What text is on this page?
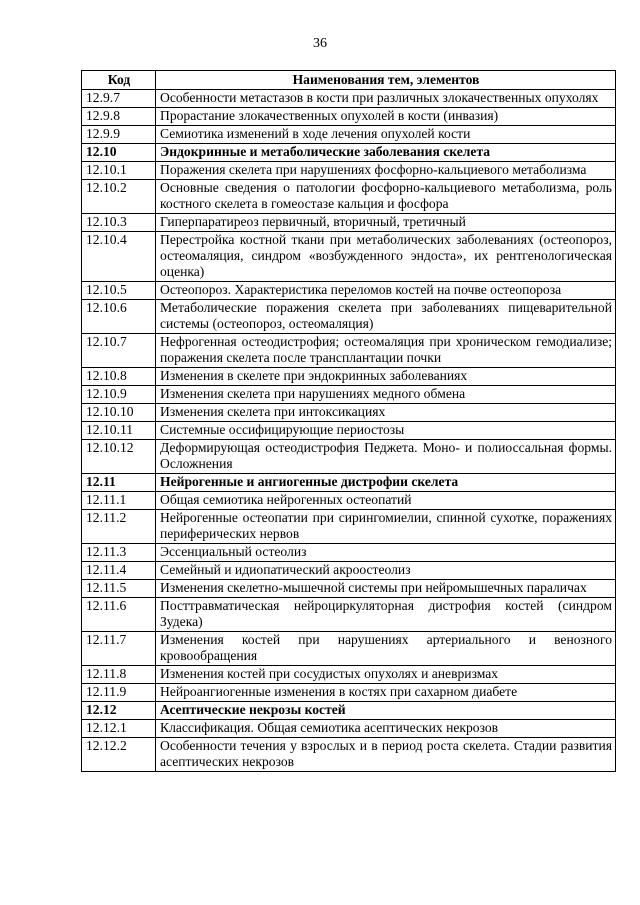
36
Код	Наименования тем, элементов
12.9.7	Особенности метастазов в кости при различных злокачественных опухолях
12.9.8	Прорастание злокачественных опухолей в кости (инвазия)
12.9.9	Семиотика изменений в ходе лечения опухолей кости
12.10	Эндокринные и метаболические заболевания скелета
12.10.1	Поражения скелета при нарушениях фосфорно-кальциевого метаболизма
12.10.2	Основные сведения о патологии фосфорно-кальциевого метаболизма, роль костного скелета в гомеостазе кальция и фосфора
12.10.3	Гиперпаратиреоз первичный, вторичный, третичный
12.10.4	Перестройка костной ткани при метаболических заболеваниях (остеопороз, остеомаляция, синдром «возбужденного эндоста», их рентгенологическая оценка)
12.10.5	Остеопороз. Характеристика переломов костей на почве остеопороза
12.10.6	Метаболические поражения скелета при заболеваниях пищеварительной системы (остеопороз, остеомаляция)
12.10.7	Нефрогенная остеодистрофия; остеомаляция при хроническом гемодиализе; поражения скелета после трансплантации почки
12.10.8	Изменения в скелете при эндокринных заболеваниях
12.10.9	Изменения скелета при нарушениях медного обмена
12.10.10	Изменения скелета при интоксикациях
12.10.11	Системные оссифицирующие периостозы
12.10.12	Деформирующая остеодистрофия Педжета. Моно- и полиоссальная формы. Осложнения
12.11	Нейрогенные и ангиогенные дистрофии скелета
12.11.1	Общая семиотика нейрогенных остеопатий
12.11.2	Нейрогенные остеопатии при сирингомиелии, спинной сухотке, поражениях периферических нервов
12.11.3	Эссенциальный остеолиз
12.11.4	Семейный и идиопатический акроостеолиз
12.11.5	Изменения скелетно-мышечной системы при нейромышечных параличах
12.11.6	Посттравматическая нейроциркуляторная дистрофия костей (синдром Зудека)
12.11.7	Изменения костей при нарушениях артериального и венозного кровообращения
12.11.8	Изменения костей при сосудистых опухолях и аневризмах
12.11.9	Нейроангиогенные изменения в костях при сахарном диабете
12.12	Асептические некрозы костей
12.12.1	Классификация. Общая семиотика асептических некрозов
12.12.2	Особенности течения у взрослых и в период роста скелета. Стадии развития асептических некрозов
